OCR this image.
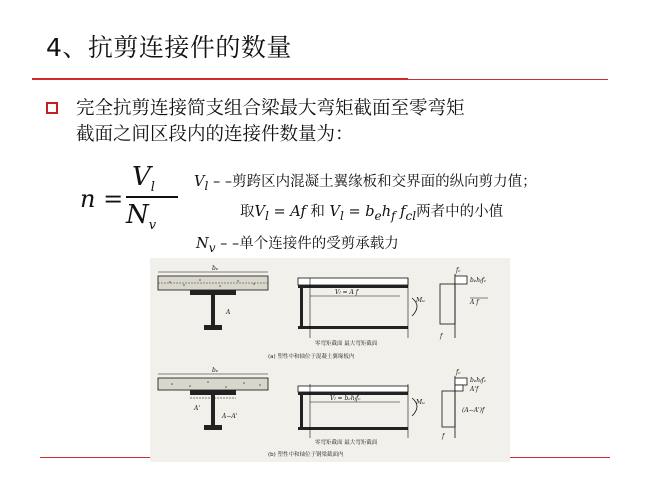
4、抗剪连接件的数量
完全抗剪连接简支组合梁最大弯矩截面至零弯矩
截面之间区段内的连接件数量为：
n =
$V_l$
$N_v$
$V_l$ – –剪跨区内混凝土翼缘板和交界面的纵向剪力值；
取$V_l = Af$ 和 $V_l = b_eh_f$ $f_{cl}$两者中的小值
$N_v$ – –单个连接件的受剪承载力
be
A
Vl = A f
零弯矩截面 最大弯矩截面
Mu
fc
behffc
A f
f
(a) 塑性中和轴位于混凝土翼缘板内
be
A'
A−A'
Vl = behffc
零弯矩截面 最大弯矩截面
Mu
fc
behffc
A'f
(A−A')f
f
(b) 塑性中和轴位于钢梁截面内
